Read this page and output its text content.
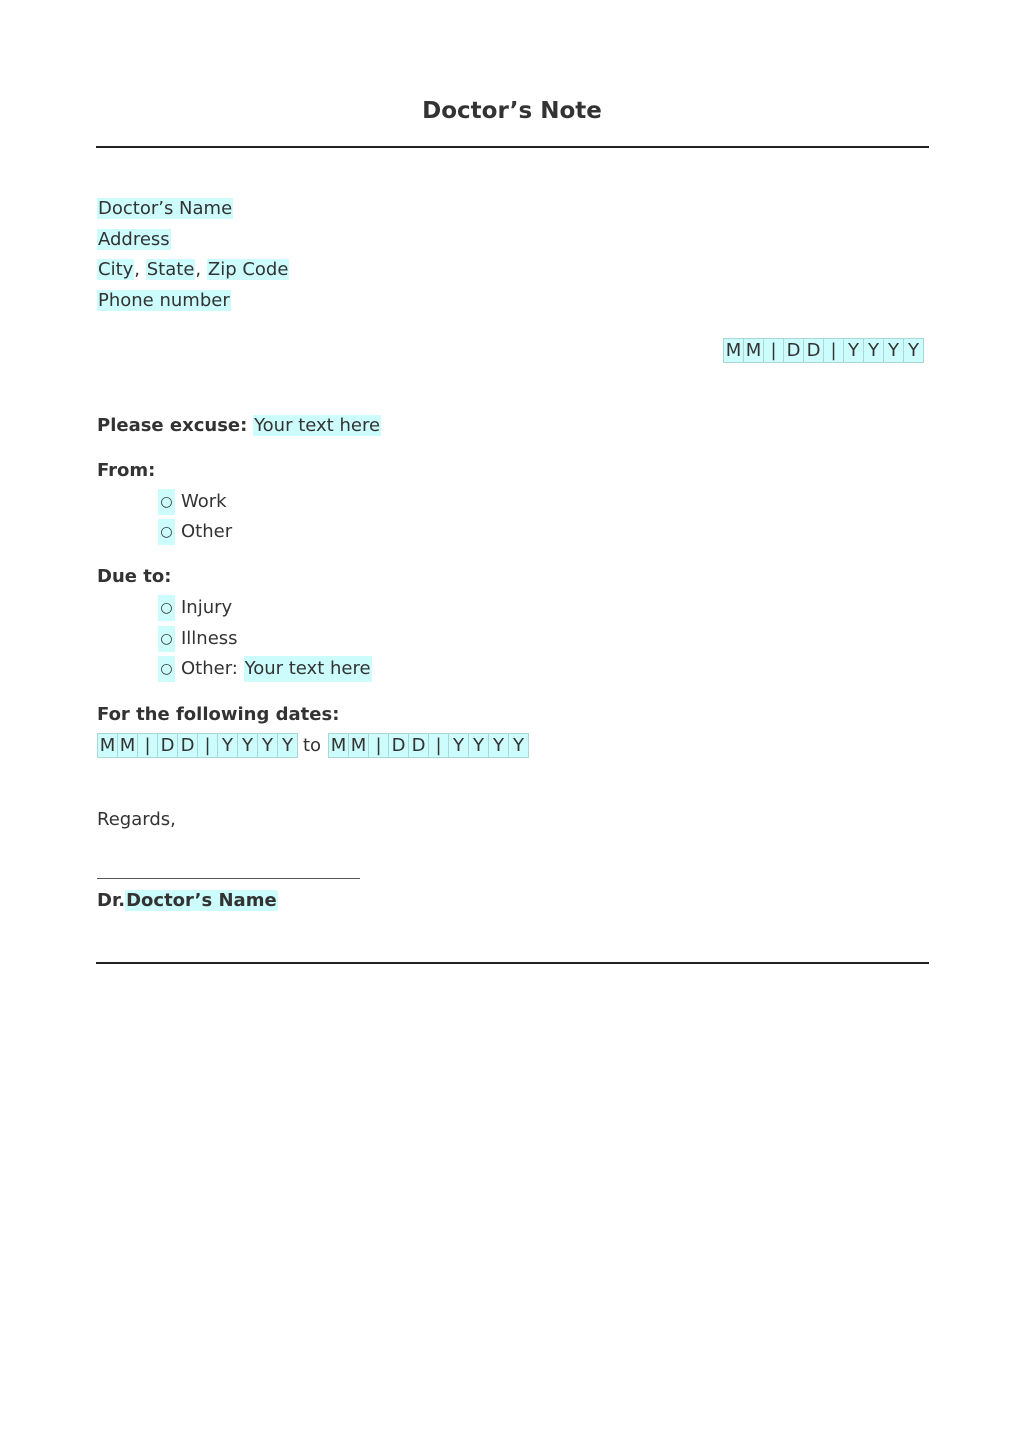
Doctor’s Note
Doctor’s Name
Address
City, State, Zip Code
Phone number
M M | D D | Y Y Y Y
Please excuse: Your text here
From:
○ Work
○ Other
Due to:
○ Injury
○ Illness
○ Other:
Your text here
For the following dates:
M M | D D | Y Y Y Y to M M | D D | Y Y Y Y
Regards,
Dr.Doctor’s Name
